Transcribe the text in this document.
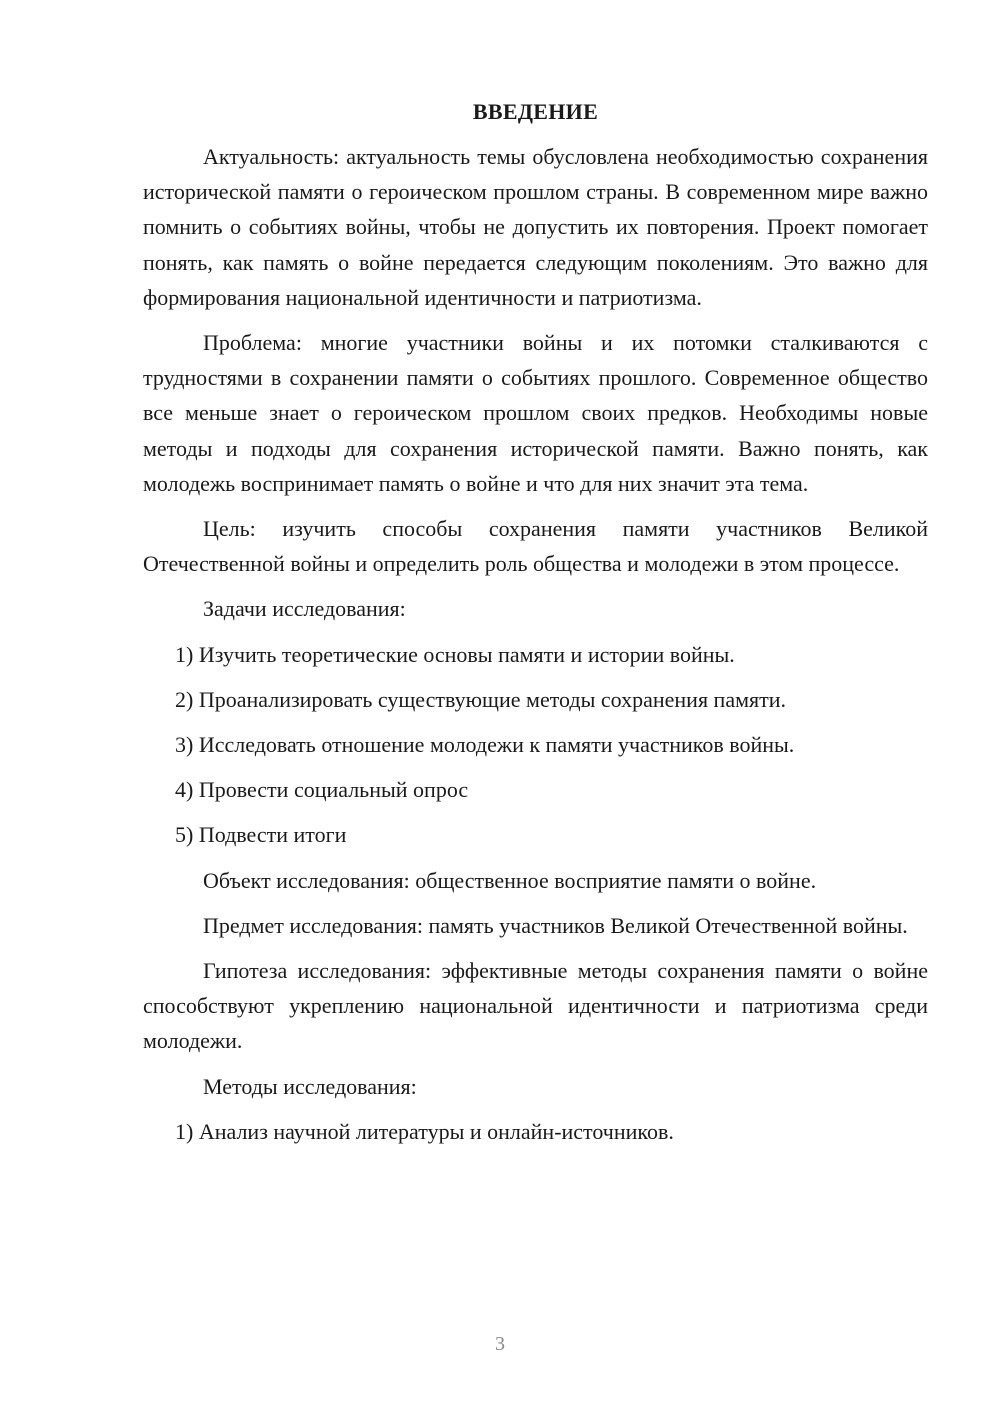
ВВЕДЕНИЕ

Актуальность: актуальность темы обусловлена необходимостью сохранения исторической памяти о героическом прошлом страны. В современном мире важно помнить о событиях войны, чтобы не допустить их повторения. Проект помогает понять, как память о войне передается следующим поколениям. Это важно для формирования национальной идентичности и патриотизма.

Проблема: многие участники войны и их потомки сталкиваются с трудностями в сохранении памяти о событиях прошлого. Современное общество все меньше знает о героическом прошлом своих предков. Необходимы новые методы и подходы для сохранения исторической памяти. Важно понять, как молодежь воспринимает память о войне и что для них значит эта тема.

Цель: изучить способы сохранения памяти участников Великой Отечественной войны и определить роль общества и молодежи в этом процессе.

Задачи исследования:

1) Изучить теоретические основы памяти и истории войны.
2) Проанализировать существующие методы сохранения памяти.
3) Исследовать отношение молодежи к памяти участников войны.
4) Провести социальный опрос
5) Подвести итоги

Объект исследования: общественное восприятие памяти о войне.

Предмет исследования: память участников Великой Отечественной войны.

Гипотеза исследования: эффективные методы сохранения памяти о войне способствуют укреплению национальной идентичности и патриотизма среди молодежи.

Методы исследования:

1) Анализ научной литературы и онлайн-источников.
3
